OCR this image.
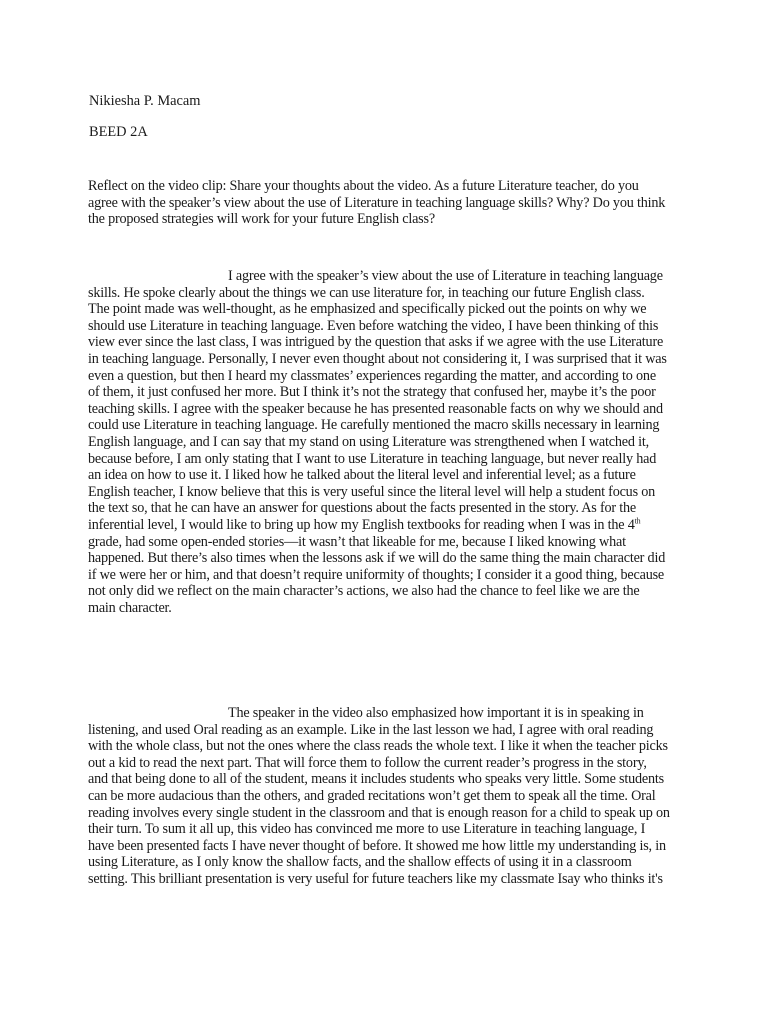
Nikiesha P. Macam

BEED 2A

Reflect on the video clip: Share your thoughts about the video. As a future Literature teacher, do you
agree with the speaker’s view about the use of Literature in teaching language skills? Why? Do you think
the proposed strategies will work for your future English class?
I agree with the speaker’s view about the use of Literature in teaching language
skills. He spoke clearly about the things we can use literature for, in teaching our future English class.
The point made was well-thought, as he emphasized and specifically picked out the points on why we
should use Literature in teaching language. Even before watching the video, I have been thinking of this
view ever since the last class, I was intrigued by the question that asks if we agree with the use Literature
in teaching language. Personally, I never even thought about not considering it, I was surprised that it was
even a question, but then I heard my classmates’ experiences regarding the matter, and according to one
of them, it just confused her more. But I think it’s not the strategy that confused her, maybe it’s the poor
teaching skills. I agree with the speaker because he has presented reasonable facts on why we should and
could use Literature in teaching language. He carefully mentioned the macro skills necessary in learning
English language, and I can say that my stand on using Literature was strengthened when I watched it,
because before, I am only stating that I want to use Literature in teaching language, but never really had
an idea on how to use it. I liked how he talked about the literal level and inferential level; as a future
English teacher, I know believe that this is very useful since the literal level will help a student focus on
the text so, that he can have an answer for questions about the facts presented in the story. As for the
inferential level, I would like to bring up how my English textbooks for reading when I was in the 4th
grade, had some open-ended stories—it wasn’t that likeable for me, because I liked knowing what
happened. But there’s also times when the lessons ask if we will do the same thing the main character did
if we were her or him, and that doesn’t require uniformity of thoughts; I consider it a good thing, because
not only did we reflect on the main character’s actions, we also had the chance to feel like we are the
main character.
The speaker in the video also emphasized how important it is in speaking in
listening, and used Oral reading as an example. Like in the last lesson we had, I agree with oral reading
with the whole class, but not the ones where the class reads the whole text. I like it when the teacher picks
out a kid to read the next part. That will force them to follow the current reader’s progress in the story,
and that being done to all of the student, means it includes students who speaks very little. Some students
can be more audacious than the others, and graded recitations won’t get them to speak all the time. Oral
reading involves every single student in the classroom and that is enough reason for a child to speak up on
their turn. To sum it all up, this video has convinced me more to use Literature in teaching language, I
have been presented facts I have never thought of before. It showed me how little my understanding is, in
using Literature, as I only know the shallow facts, and the shallow effects of using it in a classroom
setting. This brilliant presentation is very useful for future teachers like my classmate Isay who thinks it's
